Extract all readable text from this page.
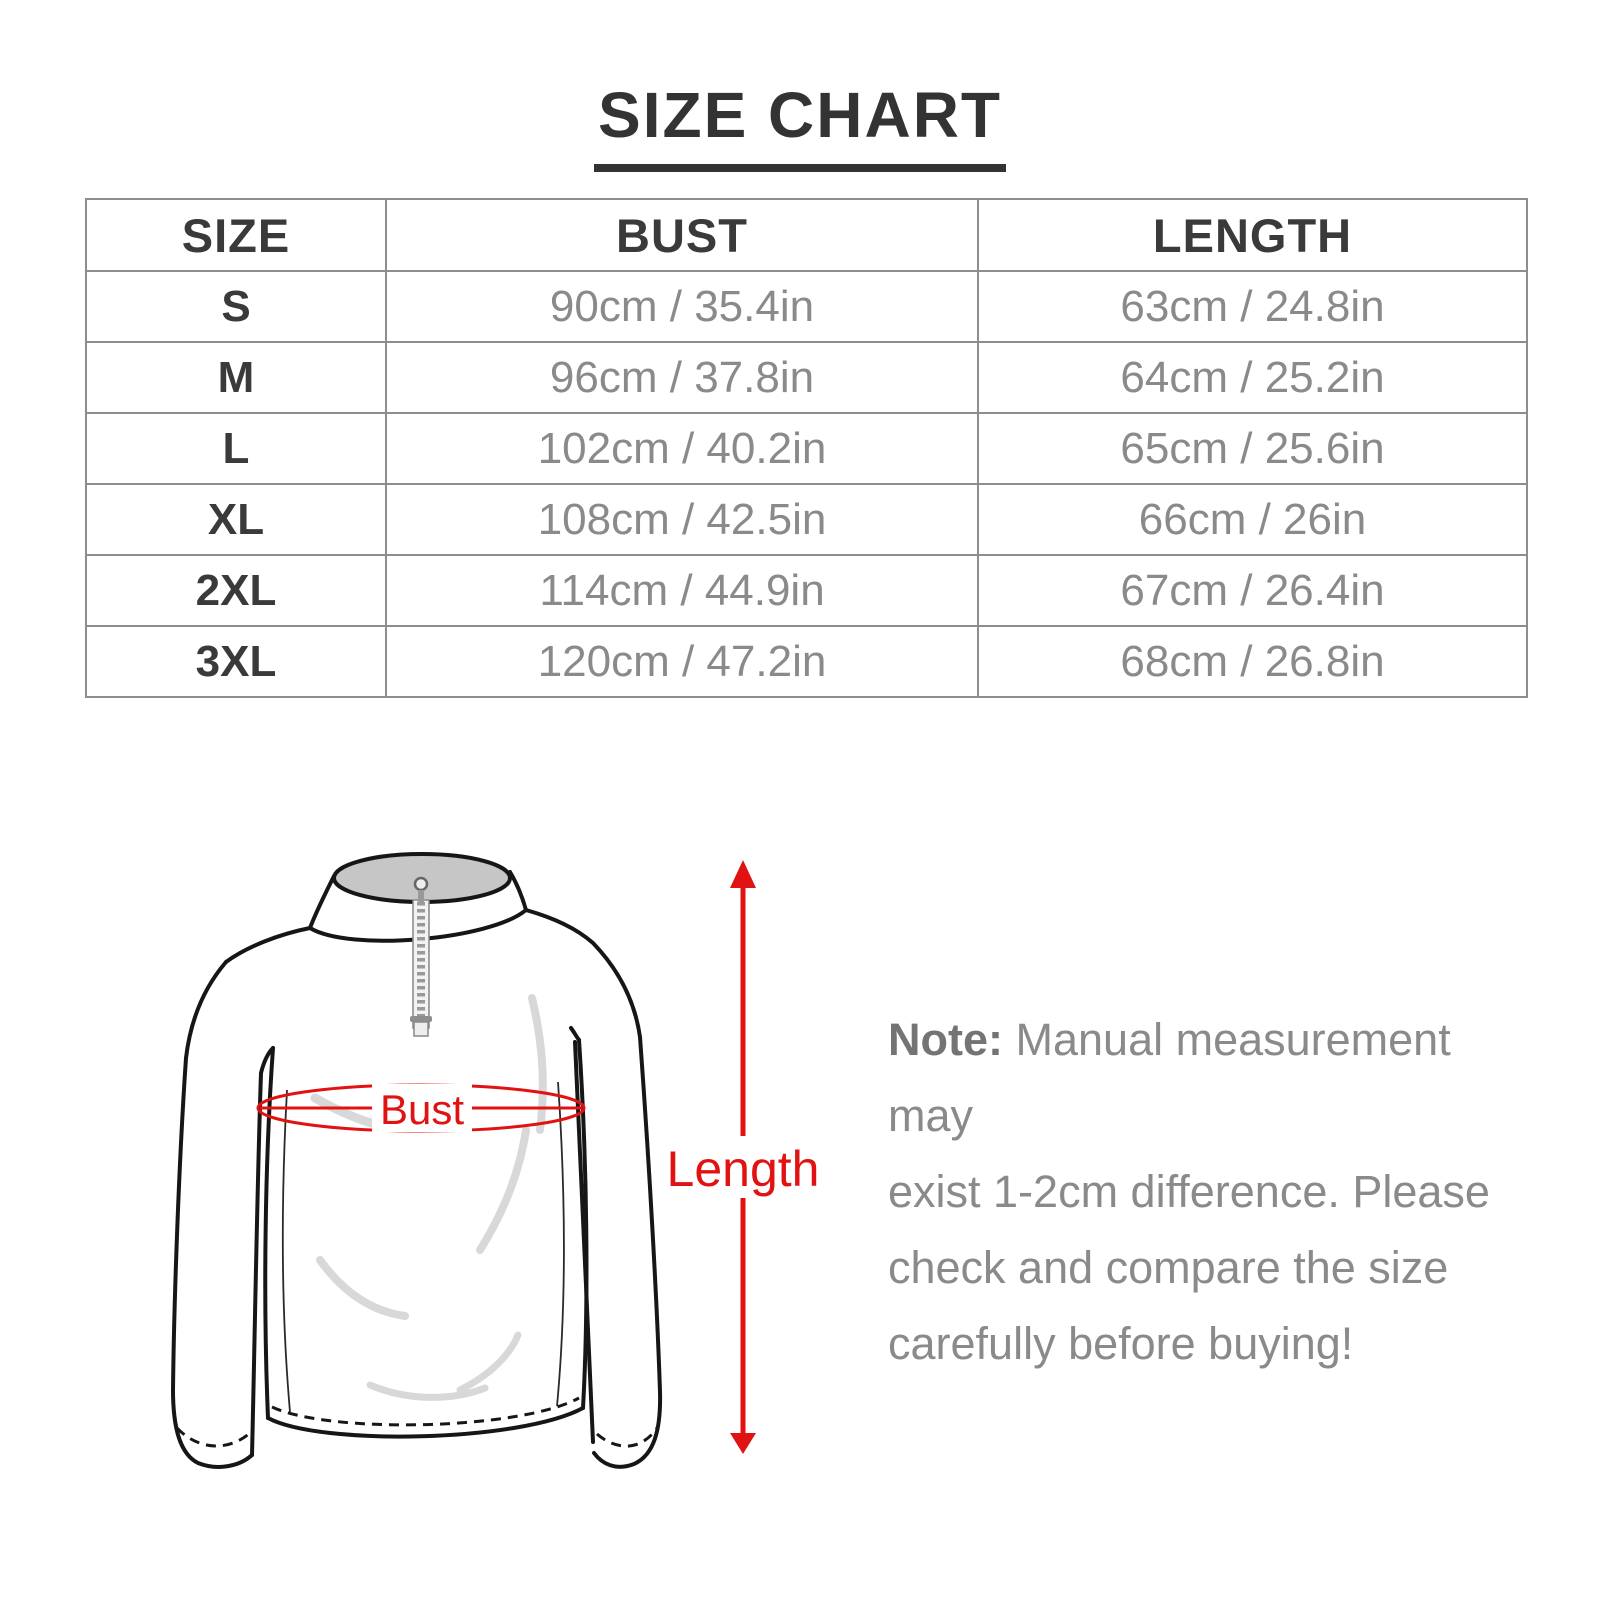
SIZE CHART
SIZE	BUST	LENGTH
S	90cm / 35.4in	63cm / 24.8in
M	96cm / 37.8in	64cm / 25.2in
L	102cm / 40.2in	65cm / 25.6in
XL	108cm / 42.5in	66cm / 26in
2XL	114cm / 44.9in	67cm / 26.4in
3XL	120cm / 47.2in	68cm / 26.8in
Bust
Length
Note: Manual measurement may
exist 1-2cm difference. Please
check and compare the size
carefully before buying!
